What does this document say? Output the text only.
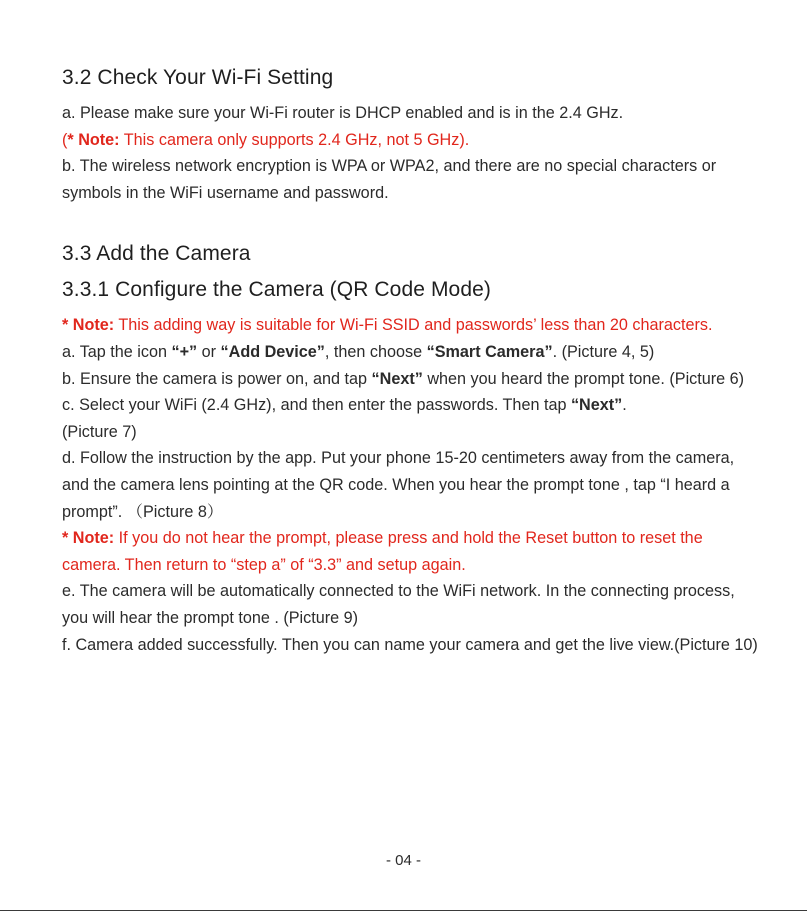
3.2 Check Your Wi-Fi Setting

a. Please make sure your Wi-Fi router is DHCP enabled and is in the 2.4 GHz.

(* Note: This camera only supports 2.4 GHz, not 5 GHz).

b. The wireless network encryption is WPA or WPA2, and there are no special characters or symbols in the WiFi username and password.

3.3 Add the Camera
3.3.1 Configure the Camera (QR Code Mode)

* Note: This adding way is suitable for Wi-Fi SSID and passwords’ less than 20 characters.

a. Tap the icon “+” or “Add Device”, then choose “Smart Camera”. (Picture 4, 5)

b. Ensure the camera is power on, and tap “Next” when you heard the prompt tone. (Picture 6)

c. Select your WiFi (2.4 GHz), and then enter the passwords. Then tap “Next”.
(Picture 7)

d. Follow the instruction by the app. Put your phone 15-20 centimeters away from the camera, and the camera lens pointing at the QR code. When you hear the prompt tone , tap “I heard a prompt”. （Picture 8）

* Note: If you do not hear the prompt, please press and hold the Reset button to reset the camera. Then return to “step a” of “3.3” and setup again.

e. The camera will be automatically connected to the WiFi network. In the connecting process, you will hear the prompt tone . (Picture 9)

f. Camera added successfully. Then you can name your camera and get the live view.(Picture 10)

- 04 -
